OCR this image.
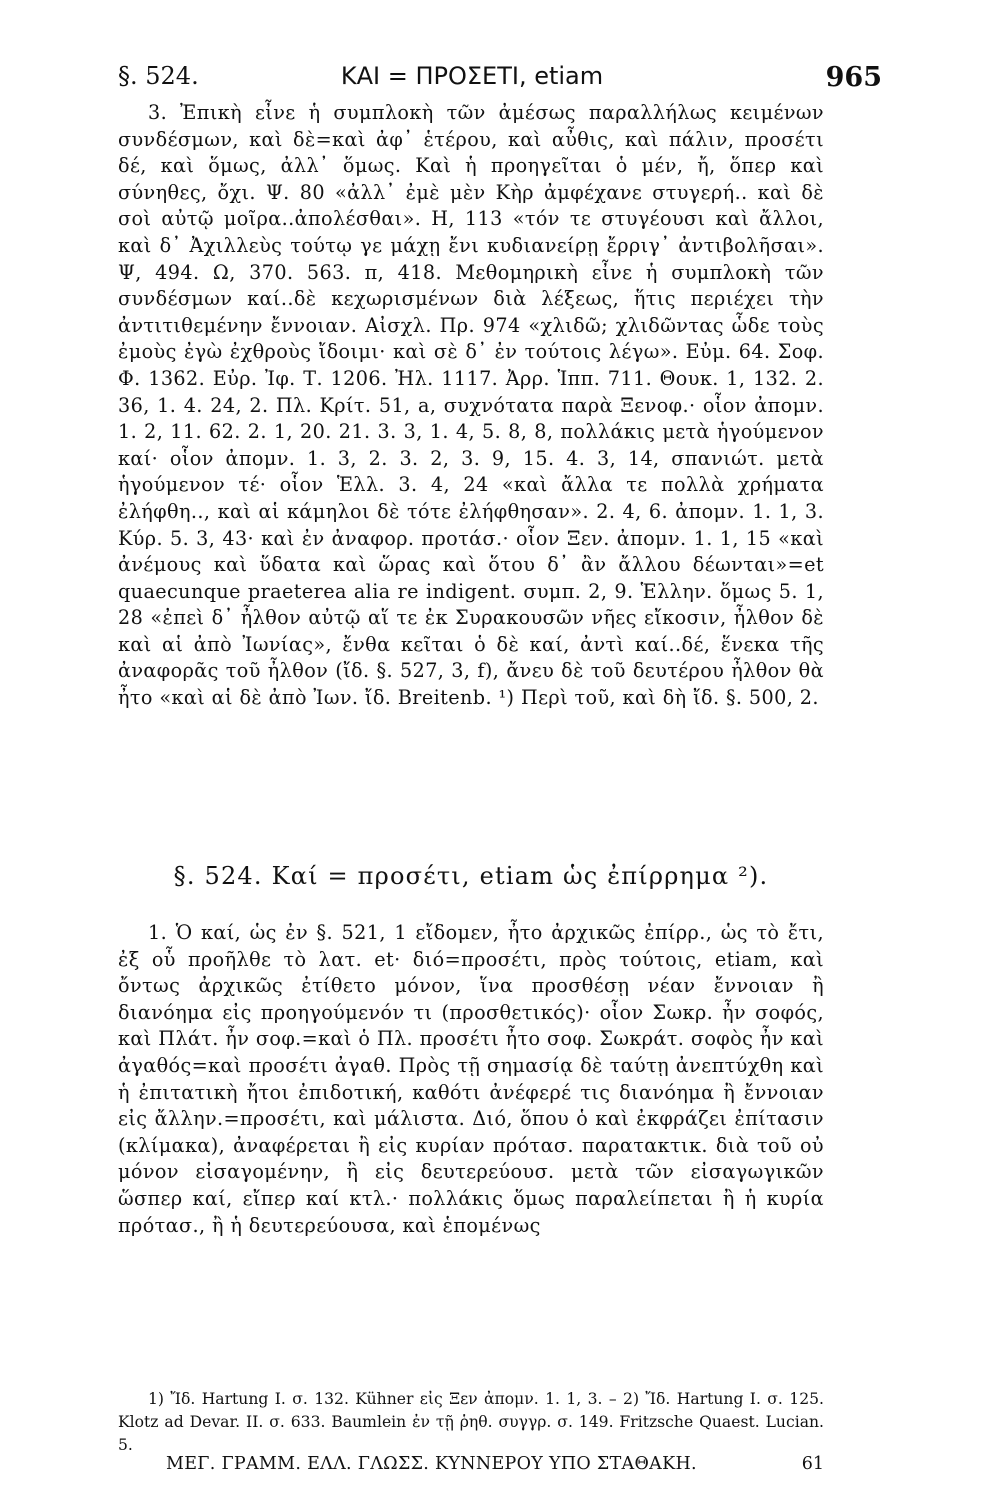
§. 524.	ΚΑΙ = ΠΡΟΣΕΤΙ, etiam	965
3. Ἐπικὴ εἶνε ἡ συμπλοκὴ τῶν ἀμέσως παραλλήλως κειμένων συνδέσμων, καὶ δὲ=καὶ ἀφ᾽ ἑτέρου, καὶ αὖθις, καὶ πάλιν, προσέτι δέ, καὶ ὅμως, ἀλλ᾽ ὅμως. Καὶ ἡ προηγεῖται ὁ μέν, ἤ, ὅπερ καὶ σύνηθες, ὄχι. Ψ. 80 «ἀλλ᾽ ἐμὲ μὲν Κὴρ ἀμφέχανε στυγερή.. καὶ δὲ σοὶ αὐτῷ μοῖρα..ἀπολέσθαι». Η, 113 «τόν τε στυγέουσι καὶ ἄλλοι, καὶ δ᾽ Ἀχιλλεὺς τούτῳ γε μάχῃ ἔνι κυδιανείρῃ ἔρριγ᾽ ἀντιβολῆσαι». Ψ, 494. Ω, 370. 563. π, 418. Μεθομηρικὴ εἶνε ἡ συμπλοκὴ τῶν συνδέσμων καί..δὲ κεχωρισμένων διὰ λέξεως, ἥτις περιέχει τὴν ἀντιτιθεμένην ἔννοιαν. Αἰσχλ. Πρ. 974 «χλιδῶ; χλιδῶντας ὧδε τοὺς ἐμοὺς ἐγὼ ἐχθροὺς ἴδοιμι· καὶ σὲ δ᾽ ἐν τούτοις λέγω». Εὐμ. 64. Σοφ. Φ. 1362. Εὐρ. Ἰφ. Τ. 1206. Ἠλ. 1117. Ἀρρ. Ἱππ. 711. Θουκ. 1, 132. 2. 36, 1. 4. 24, 2. Πλ. Κρίτ. 51, a, συχνότατα παρὰ Ξενοφ.· οἷον ἀπομν. 1. 2, 11. 62. 2. 1, 20. 21. 3. 3, 1. 4, 5. 8, 8, πολλάκις μετὰ ἡγούμενον καί· οἷον ἀπομν. 1. 3, 2. 3. 2, 3. 9, 15. 4. 3, 14, σπανιώτ. μετὰ ἡγούμενον τέ· οἷον Ἑλλ. 3. 4, 24 «καὶ ἄλλα τε πολλὰ χρήματα ἐλήφθη.., καὶ αἱ κάμηλοι δὲ τότε ἐλήφθησαν». 2. 4, 6. ἀπομν. 1. 1, 3. Κύρ. 5. 3, 43· καὶ ἐν ἀναφορ. προτάσ.· οἷον Ξεν. ἀπομν. 1. 1, 15 «καὶ ἀνέμους καὶ ὕδατα καὶ ὥρας καὶ ὅτου δ᾽ ἂν ἄλλου δέωνται»=et quaecunque praeterea alia re indigent. συμπ. 2, 9. Ἑλλην. ὅμως 5. 1, 28 «ἐπεὶ δ᾽ ἦλθον αὐτῷ αἵ τε ἐκ Συρακουσῶν νῆες εἴκοσιν, ἦλθον δὲ καὶ αἱ ἀπὸ Ἰωνίας», ἔνθα κεῖται ὁ δὲ καί, ἀντὶ καί..δέ, ἕνεκα τῆς ἀναφορᾶς τοῦ ἦλθον (ἴδ. §. 527, 3, f), ἄνευ δὲ τοῦ δευτέρου ἦλθον θὰ ἦτο «καὶ αἱ δὲ ἀπὸ Ἰων. ἴδ. Breitenb. ¹) Περὶ τοῦ, καὶ δὴ ἴδ. §. 500, 2.
§. 524. Καί = προσέτι, etiam ὡς ἐπίρρημα ²).
1. Ὁ καί, ὡς ἐν §. 521, 1 εἴδομεν, ἦτο ἀρχικῶς ἐπίρρ., ὡς τὸ ἔτι, ἐξ οὗ προῆλθε τὸ λατ. et· διό=προσέτι, πρὸς τούτοις, etiam, καὶ ὄντως ἀρχικῶς ἐτίθετο μόνον, ἵνα προσθέσῃ νέαν ἔννοιαν ἢ διανόημα εἰς προηγούμενόν τι (προσθετικός)· οἷον Σωκρ. ἦν σοφός, καὶ Πλάτ. ἦν σοφ.=καὶ ὁ Πλ. προσέτι ἦτο σοφ. Σωκράτ. σοφὸς ἦν καὶ ἀγαθός=καὶ προσέτι ἀγαθ. Πρὸς τῇ σημασίᾳ δὲ ταύτῃ ἀνεπτύχθη καὶ ἡ ἐπιτατικὴ ἤτοι ἐπιδοτική, καθότι ἀνέφερέ τις διανόημα ἢ ἔννοιαν εἰς ἄλλην.=προσέτι, καὶ μάλιστα. Διό, ὅπου ὁ καὶ ἐκφράζει ἐπίτασιν (κλίμακα), ἀναφέρεται ἢ εἰς κυρίαν πρότασ. παρατακτικ. διὰ τοῦ οὐ μόνον εἰσαγομένην, ἢ εἰς δευτερεύουσ. μετὰ τῶν εἰσαγωγικῶν ὥσπερ καί, εἴπερ καί κτλ.· πολλάκις ὅμως παραλείπεται ἢ ἡ κυρία πρότασ., ἢ ἡ δευτερεύουσα, καὶ ἑπομένως
1) Ἴδ. Hartung I. σ. 132. Kühner εἰς Ξεν ἀπομν. 1. 1, 3. – 2) Ἴδ. Hartung I. σ. 125. Klotz ad Devar. II. σ. 633. Baumlein ἐν τῇ ῥηθ. συγγρ. σ. 149. Fritzsche Quaest. Lucian. 5.
ΜΕΓ. ΓΡΑΜΜ. ΕΛΛ. ΓΛΩΣΣ. ΚΥΝΝΕΡΟΥ ΥΠΟ ΣΤΑΘΑΚΗ.	61
